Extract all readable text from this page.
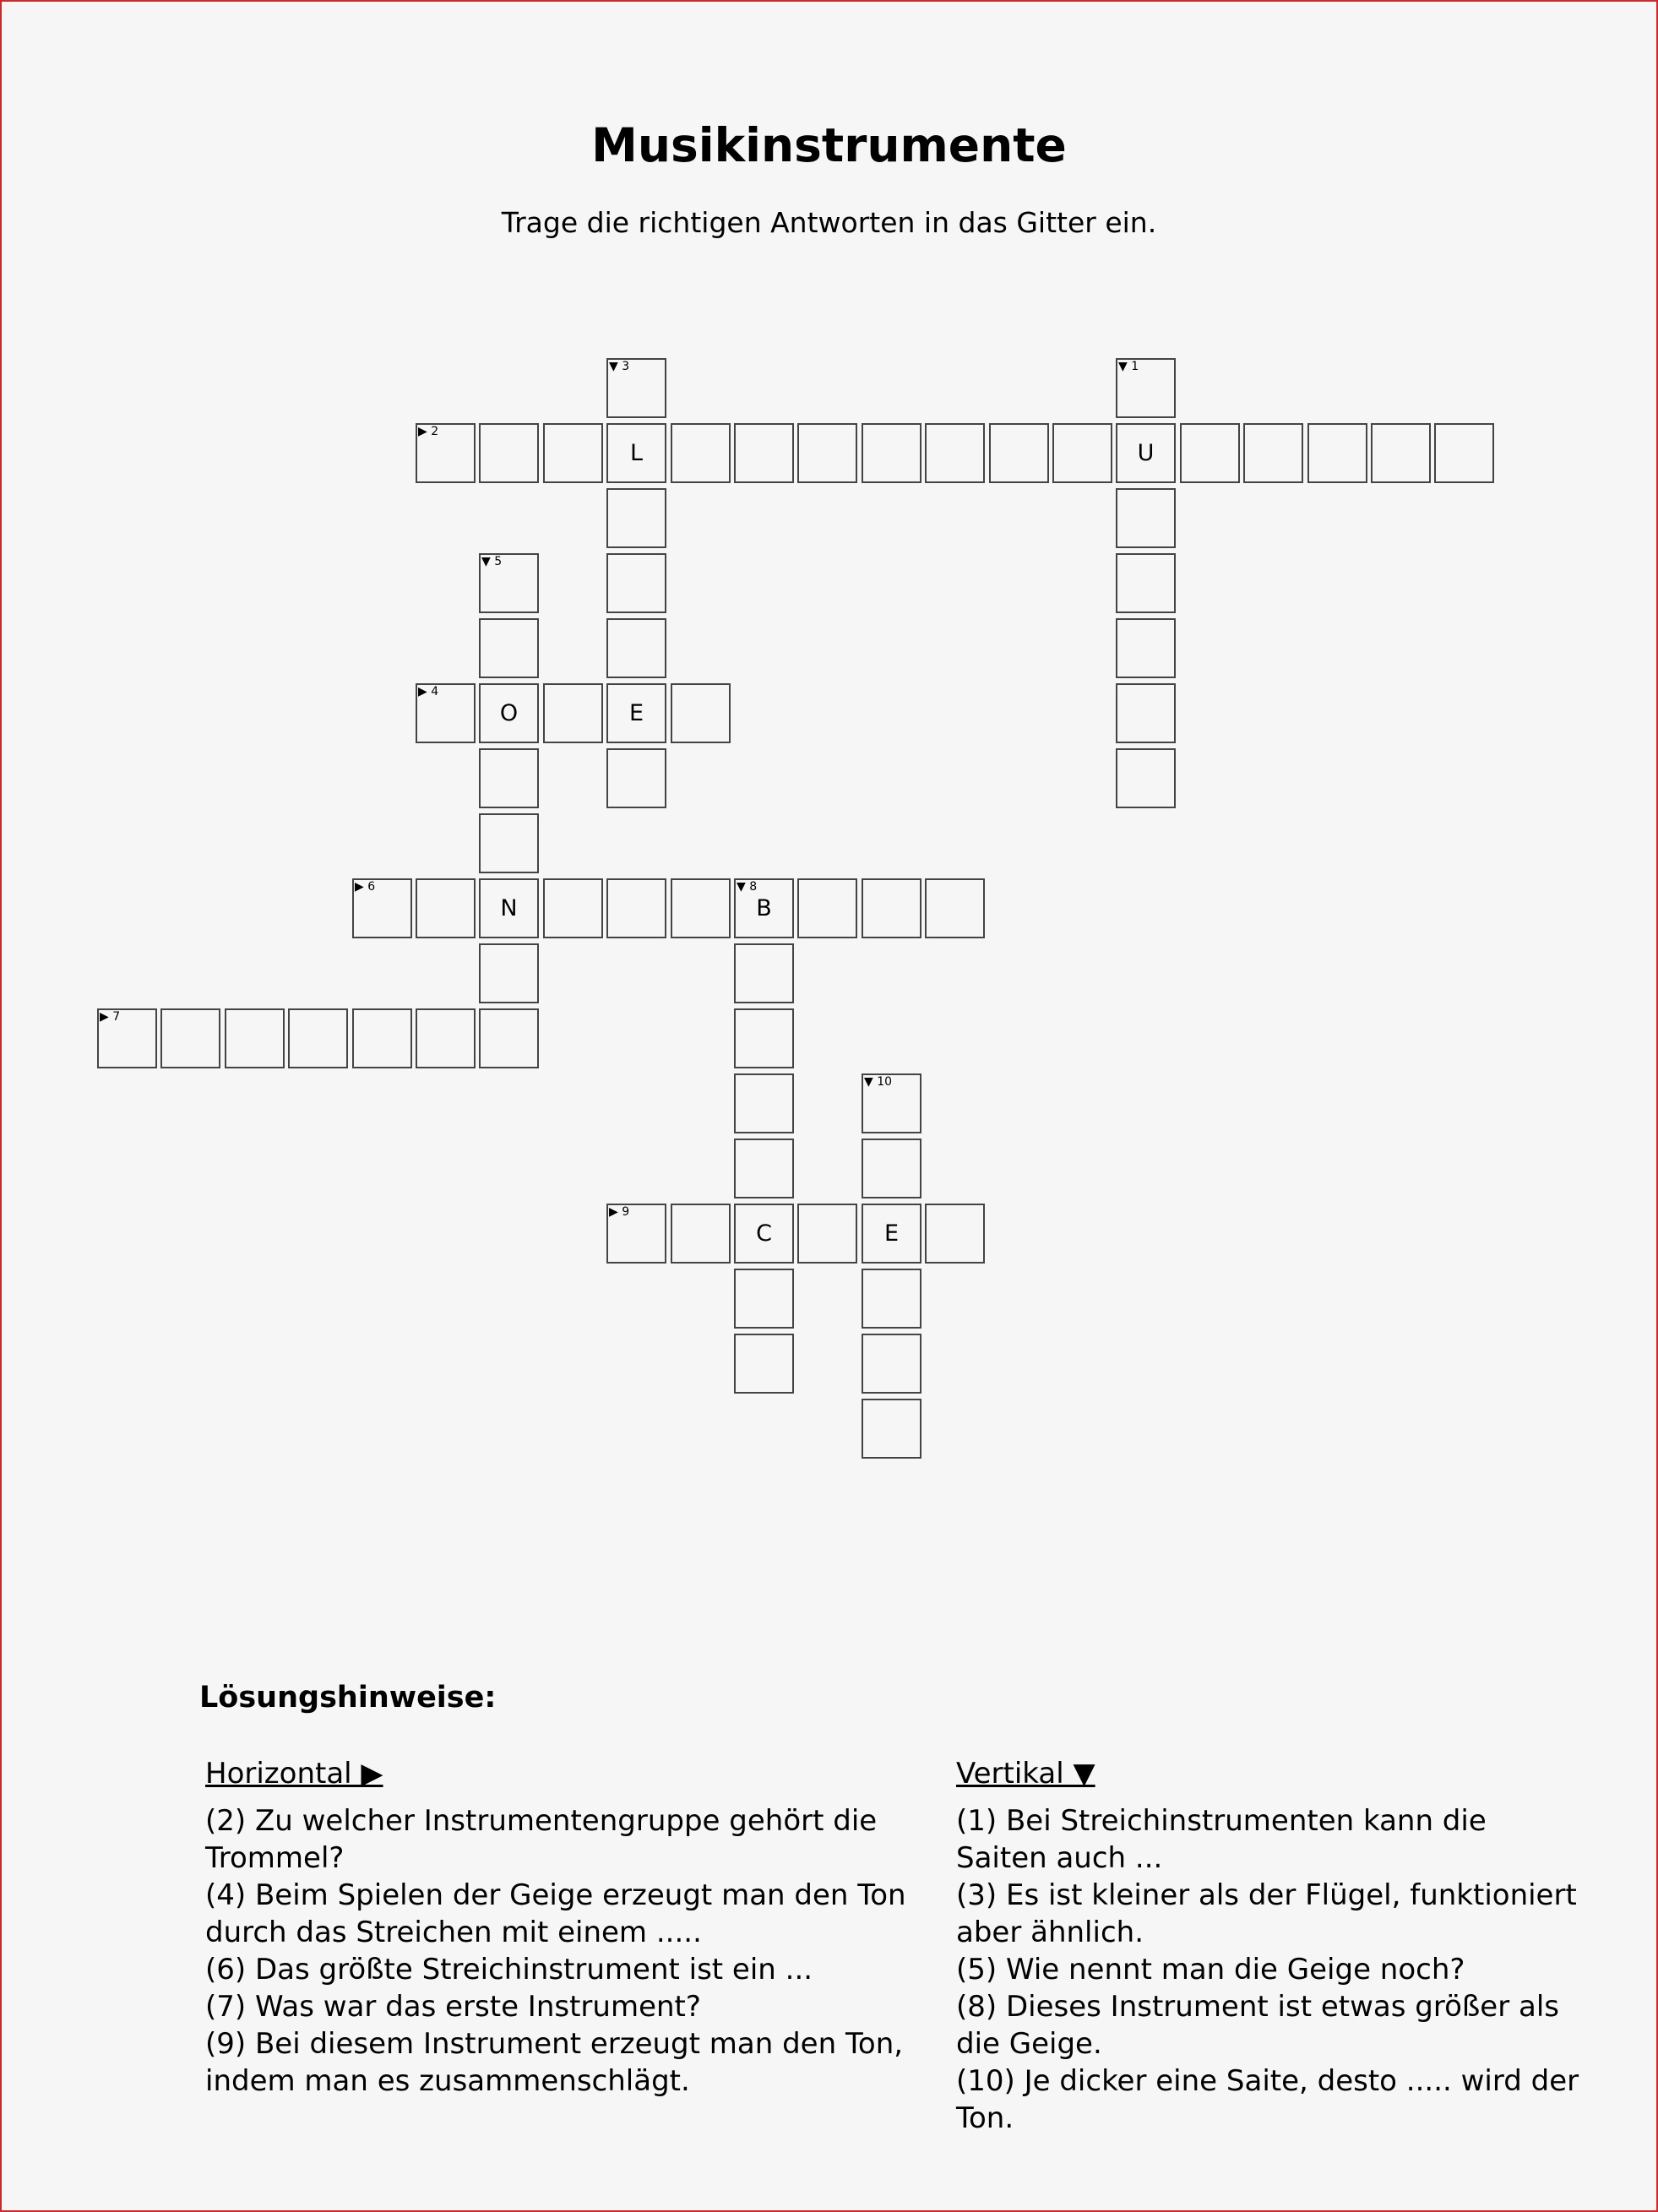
Musikinstrumente
Trage die richtigen Antworten in das Gitter ein.
▼ 3	▼ 1
▶ 2
L	U
▼ 5
▶ 4
O	E
▶ 6
N
▼ 8
B
▶ 7
▼ 10
▶ 9
C	E
Lösungshinweise:
Horizontal ▶

(2) Zu welcher Instrumentengruppe gehört die Trommel?

(4) Beim Spielen der Geige erzeugt man den Ton durch das Streichen mit einem .....

(6) Das größte Streichinstrument ist ein ...

(7) Was war das erste Instrument?

(9) Bei diesem Instrument erzeugt man den Ton, indem man es zusammenschlägt.

Vertikal ▼

(1) Bei Streichinstrumenten kann die Saiten auch ...

(3) Es ist kleiner als der Flügel, funktioniert aber ähnlich.

(5) Wie nennt man die Geige noch?

(8) Dieses Instrument ist etwas größer als die Geige.

(10) Je dicker eine Saite, desto ..... wird der Ton.
